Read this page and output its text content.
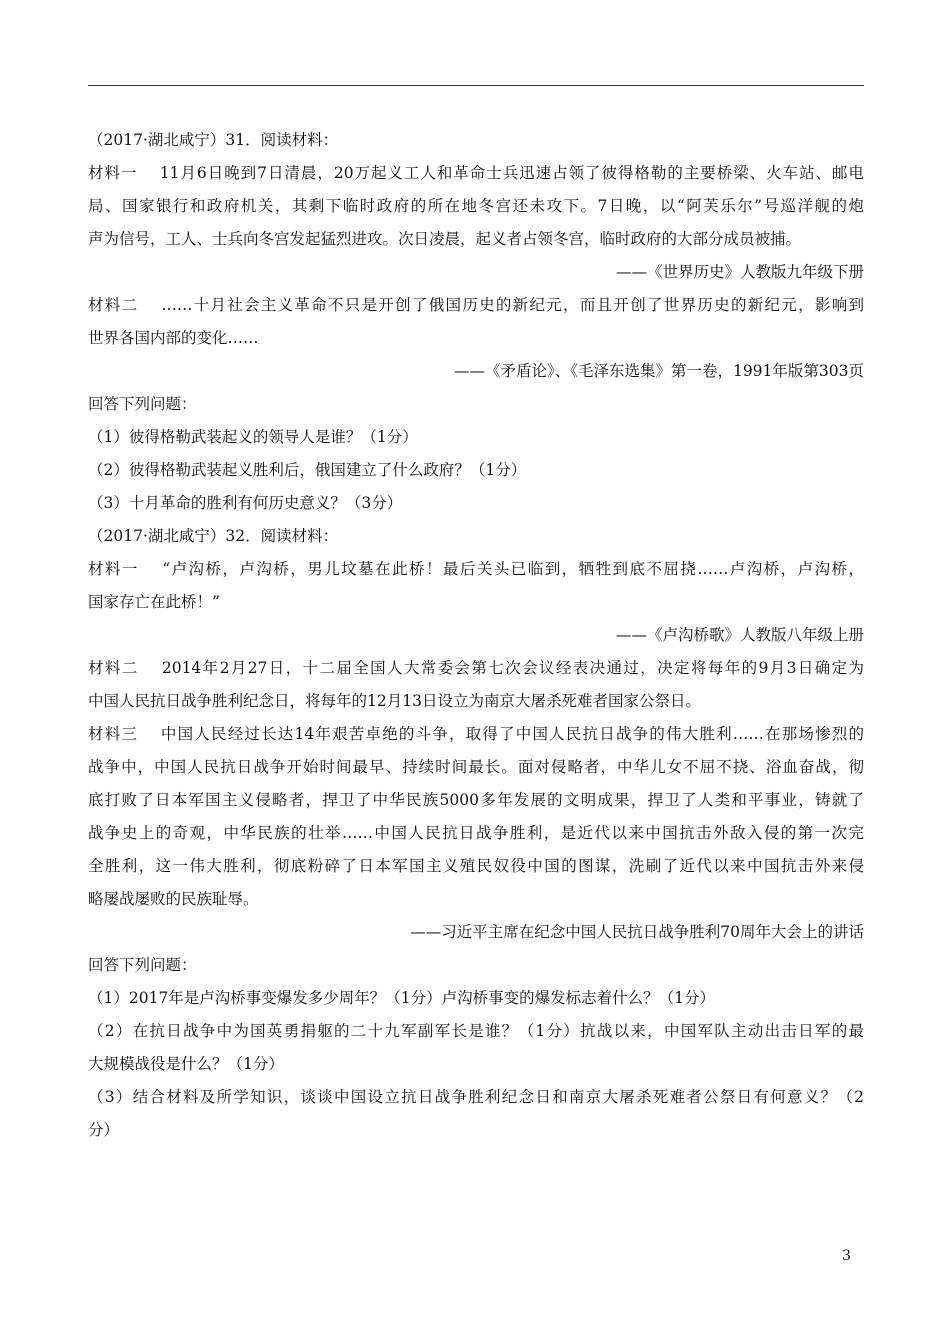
（2017·湖北咸宁）31．阅读材料：
材料一　 11月6日晚到7日清晨，20万起义工人和革命士兵迅速占领了彼得格勒的主要桥梁、火车站、邮电
局、国家银行和政府机关，其剩下临时政府的所在地冬宫还未攻下。7日晚，以“阿芙乐尔”号巡洋舰的炮
声为信号，工人、士兵向冬宫发起猛烈进攻。次日凌晨，起义者占领冬宫，临时政府的大部分成员被捕。
——《世界历史》人教版九年级下册
材料二　 ……十月社会主义革命不只是开创了俄国历史的新纪元，而且开创了世界历史的新纪元，影响到
世界各国内部的变化……
——《矛盾论》、《毛泽东选集》第一卷，1991年版第303页
回答下列问题：
（1）彼得格勒武装起义的领导人是谁？（1分）
（2）彼得格勒武装起义胜利后，俄国建立了什么政府？（1分）
（3）十月革命的胜利有何历史意义？（3分）
（2017·湖北咸宁）32．阅读材料：
材料一　 “卢沟桥，卢沟桥，男儿坟墓在此桥！最后关头已临到，牺牲到底不屈挠……卢沟桥，卢沟桥，
国家存亡在此桥！”
——《卢沟桥歌》人教版八年级上册
材料二　 2014年2月27日，十二届全国人大常委会第七次会议经表决通过，决定将每年的9月3日确定为
中国人民抗日战争胜利纪念日，将每年的12月13日设立为南京大屠杀死难者国家公祭日。
材料三　 中国人民经过长达14年艰苦卓绝的斗争，取得了中国人民抗日战争的伟大胜利……在那场惨烈的
战争中，中国人民抗日战争开始时间最早、持续时间最长。面对侵略者，中华儿女不屈不挠、浴血奋战，彻
底打败了日本军国主义侵略者，捍卫了中华民族5000多年发展的文明成果，捍卫了人类和平事业，铸就了
战争史上的奇观，中华民族的壮举……中国人民抗日战争胜利，是近代以来中国抗击外敌入侵的第一次完
全胜利，这一伟大胜利，彻底粉碎了日本军国主义殖民奴役中国的图谋，洗刷了近代以来中国抗击外来侵
略屡战屡败的民族耻辱。
——习近平主席在纪念中国人民抗日战争胜利70周年大会上的讲话
回答下列问题：
（1）2017年是卢沟桥事变爆发多少周年？（1分）卢沟桥事变的爆发标志着什么？（1分）
（2）在抗日战争中为国英勇捐躯的二十九军副军长是谁？（1分）抗战以来，中国军队主动出击日军的最
大规模战役是什么？（1分）
（3）结合材料及所学知识，谈谈中国设立抗日战争胜利纪念日和南京大屠杀死难者公祭日有何意义？（2
分）
3
